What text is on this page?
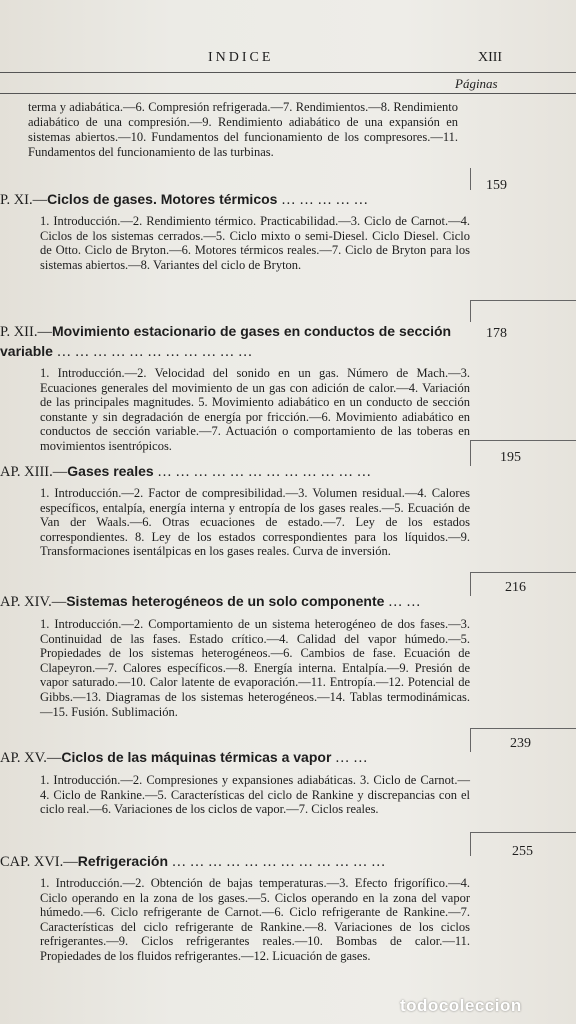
INDICE	XIII
Páginas
terma y adiabática.—6. Compresión refrigerada.—7. Rendimientos.—8. Rendimiento adiabático de una compresión.—9. Rendimiento adiabático de una expansión en sistemas abiertos.—10. Fundamentos del funcionamiento de los compresores.—11. Fundamentos del funcionamiento de las turbinas.
P. XI.—Ciclos de gases. Motores térmicos … … … … …
159
1. Introducción.—2. Rendimiento térmico. Practicabilidad.—3. Ciclo de Carnot.—4. Ciclos de los sistemas cerrados.—5. Ciclo mixto o semi-Diesel. Ciclo Diesel. Ciclo de Otto. Ciclo de Bryton.—6. Motores térmicos reales.—7. Ciclo de Bryton para los sistemas abiertos.—8. Variantes del ciclo de Bryton.
P. XII.—Movimiento estacionario de gases en conductos de sección variable … … … … … … … … … … …
178
1. Introducción.—2. Velocidad del sonido en un gas. Número de Mach.—3. Ecuaciones generales del movimiento de un gas con adición de calor.—4. Variación de las principales magnitudes. 5. Movimiento adiabático en un conducto de sección constante y sin degradación de energía por fricción.—6. Movimiento adiabático en conductos de sección variable.—7. Actuación o comportamiento de las toberas en movimientos isentrópicos.
AP. XIII.—Gases reales … … … … … … … … … … … …
195
1. Introducción.—2. Factor de compresibilidad.—3. Volumen residual.—4. Calores específicos, entalpía, energía interna y entropía de los gases reales.—5. Ecuación de Van der Waals.—6. Otras ecuaciones de estado.—7. Ley de los estados correspondientes. 8. Ley de los estados correspondientes para los líquidos.—9. Transformaciones isentálpicas en los gases reales. Curva de inversión.
AP. XIV.—Sistemas heterogéneos de un solo componente … …
216
1. Introducción.—2. Comportamiento de un sistema heterogéneo de dos fases.—3. Continuidad de las fases. Estado crítico.—4. Calidad del vapor húmedo.—5. Propiedades de los sistemas heterogéneos.—6. Cambios de fase. Ecuación de Clapeyron.—7. Calores específicos.—8. Energía interna. Entalpía.—9. Presión de vapor saturado.—10. Calor latente de evaporación.—11. Entropía.—12. Potencial de Gibbs.—13. Diagramas de los sistemas heterogéneos.—14. Tablas termodinámicas.—15. Fusión. Sublimación.
AP. XV.—Ciclos de las máquinas térmicas a vapor … …
239
1. Introducción.—2. Compresiones y expansiones adiabáticas. 3. Ciclo de Carnot.—4. Ciclo de Rankine.—5. Características del ciclo de Rankine y discrepancias con el ciclo real.—6. Variaciones de los ciclos de vapor.—7. Ciclos reales.
CAP. XVI.—Refrigeración … … … … … … … … … … … …
255
1. Introducción.—2. Obtención de bajas temperaturas.—3. Efecto frigorífico.—4. Ciclo operando en la zona de los gases.—5. Ciclos operando en la zona del vapor húmedo.—6. Ciclo refrigerante de Carnot.—6. Ciclo refrigerante de Rankine.—7. Características del ciclo refrigerante de Rankine.—8. Variaciones de los ciclos refrigerantes.—9. Ciclos refrigerantes reales.—10. Bombas de calor.—11. Propiedades de los fluidos refrigerantes.—12. Licuación de gases.
todocoleccion
